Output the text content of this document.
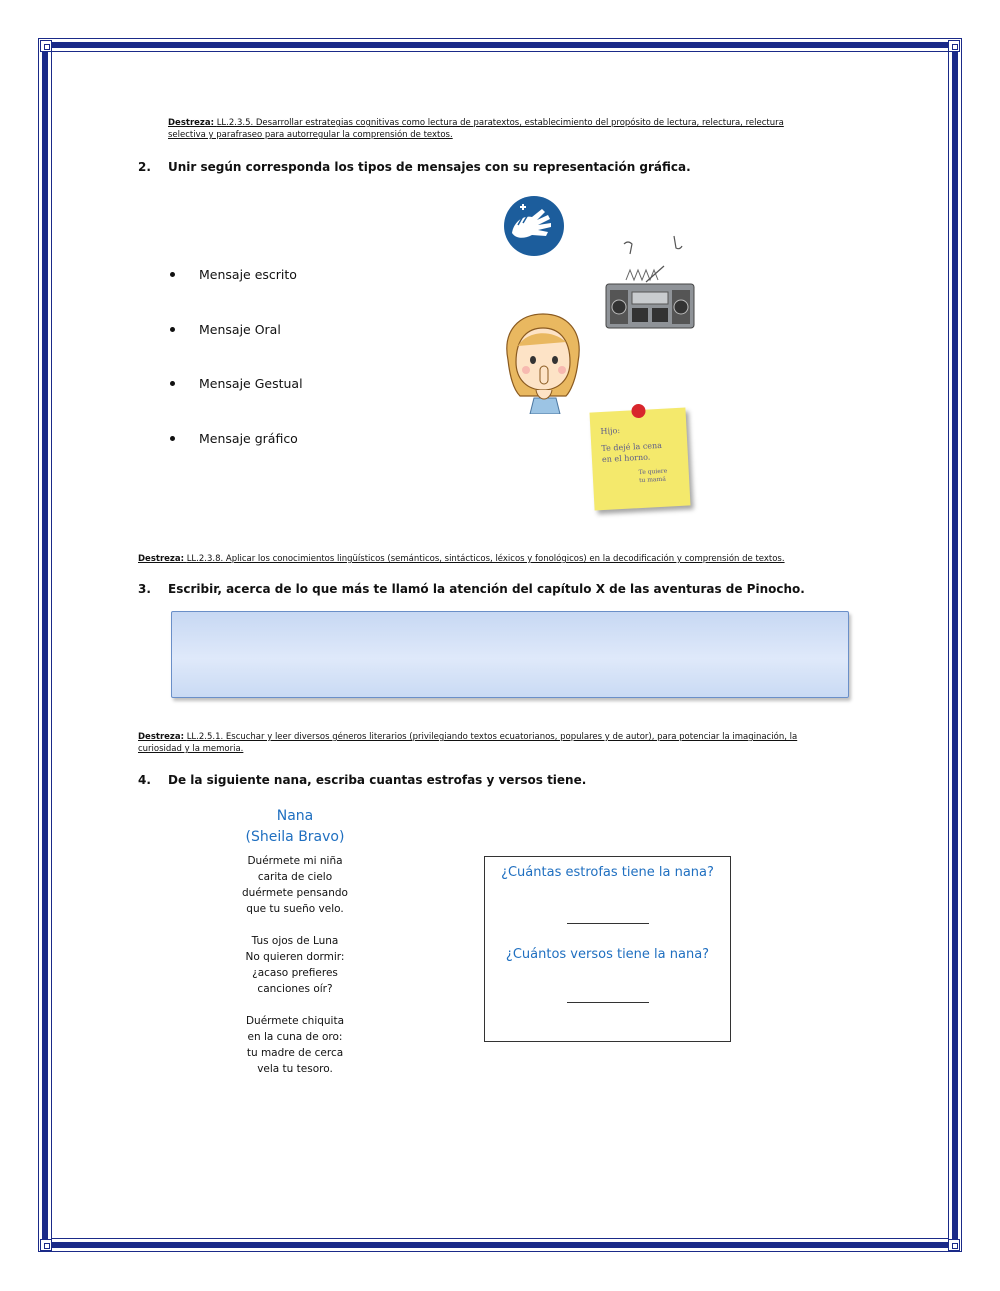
Destreza: LL.2.3.5. Desarrollar estrategias cognitivas como lectura de paratextos, establecimiento del propósito de lectura, relectura, relectura
selectiva y parafraseo para autorregular la comprensión de textos.
2. Unir según corresponda los tipos de mensajes con su representación gráfica.
Mensaje escrito
Mensaje Oral
Mensaje Gestual
Mensaje gráfico	Hijo:
Te dejé la cena
en el horno.
Te quiere
tu mamá
Destreza: LL.2.3.8. Aplicar los conocimientos lingüísticos (semánticos, sintácticos, léxicos y fonológicos) en la decodificación y comprensión de textos.
3. Escribir, acerca de lo que más te llamó la atención del capítulo X de las aventuras de Pinocho.
Destreza: LL.2.5.1. Escuchar y leer diversos géneros literarios (privilegiando textos ecuatorianos, populares y de autor), para potenciar la imaginación, la
curiosidad y la memoria.
4. De la siguiente nana, escriba cuantas estrofas y versos tiene.
Nana
(Sheila Bravo)
Duérmete mi niña
carita de cielo
duérmete pensando
que tu sueño velo.
Tus ojos de Luna
No quieren dormir:
¿acaso prefieres
canciones oír?
Duérmete chiquita
en la cuna de oro:
tu madre de cerca
vela tu tesoro.
¿Cuántas estrofas tiene la nana?
¿Cuántos versos tiene la nana?
